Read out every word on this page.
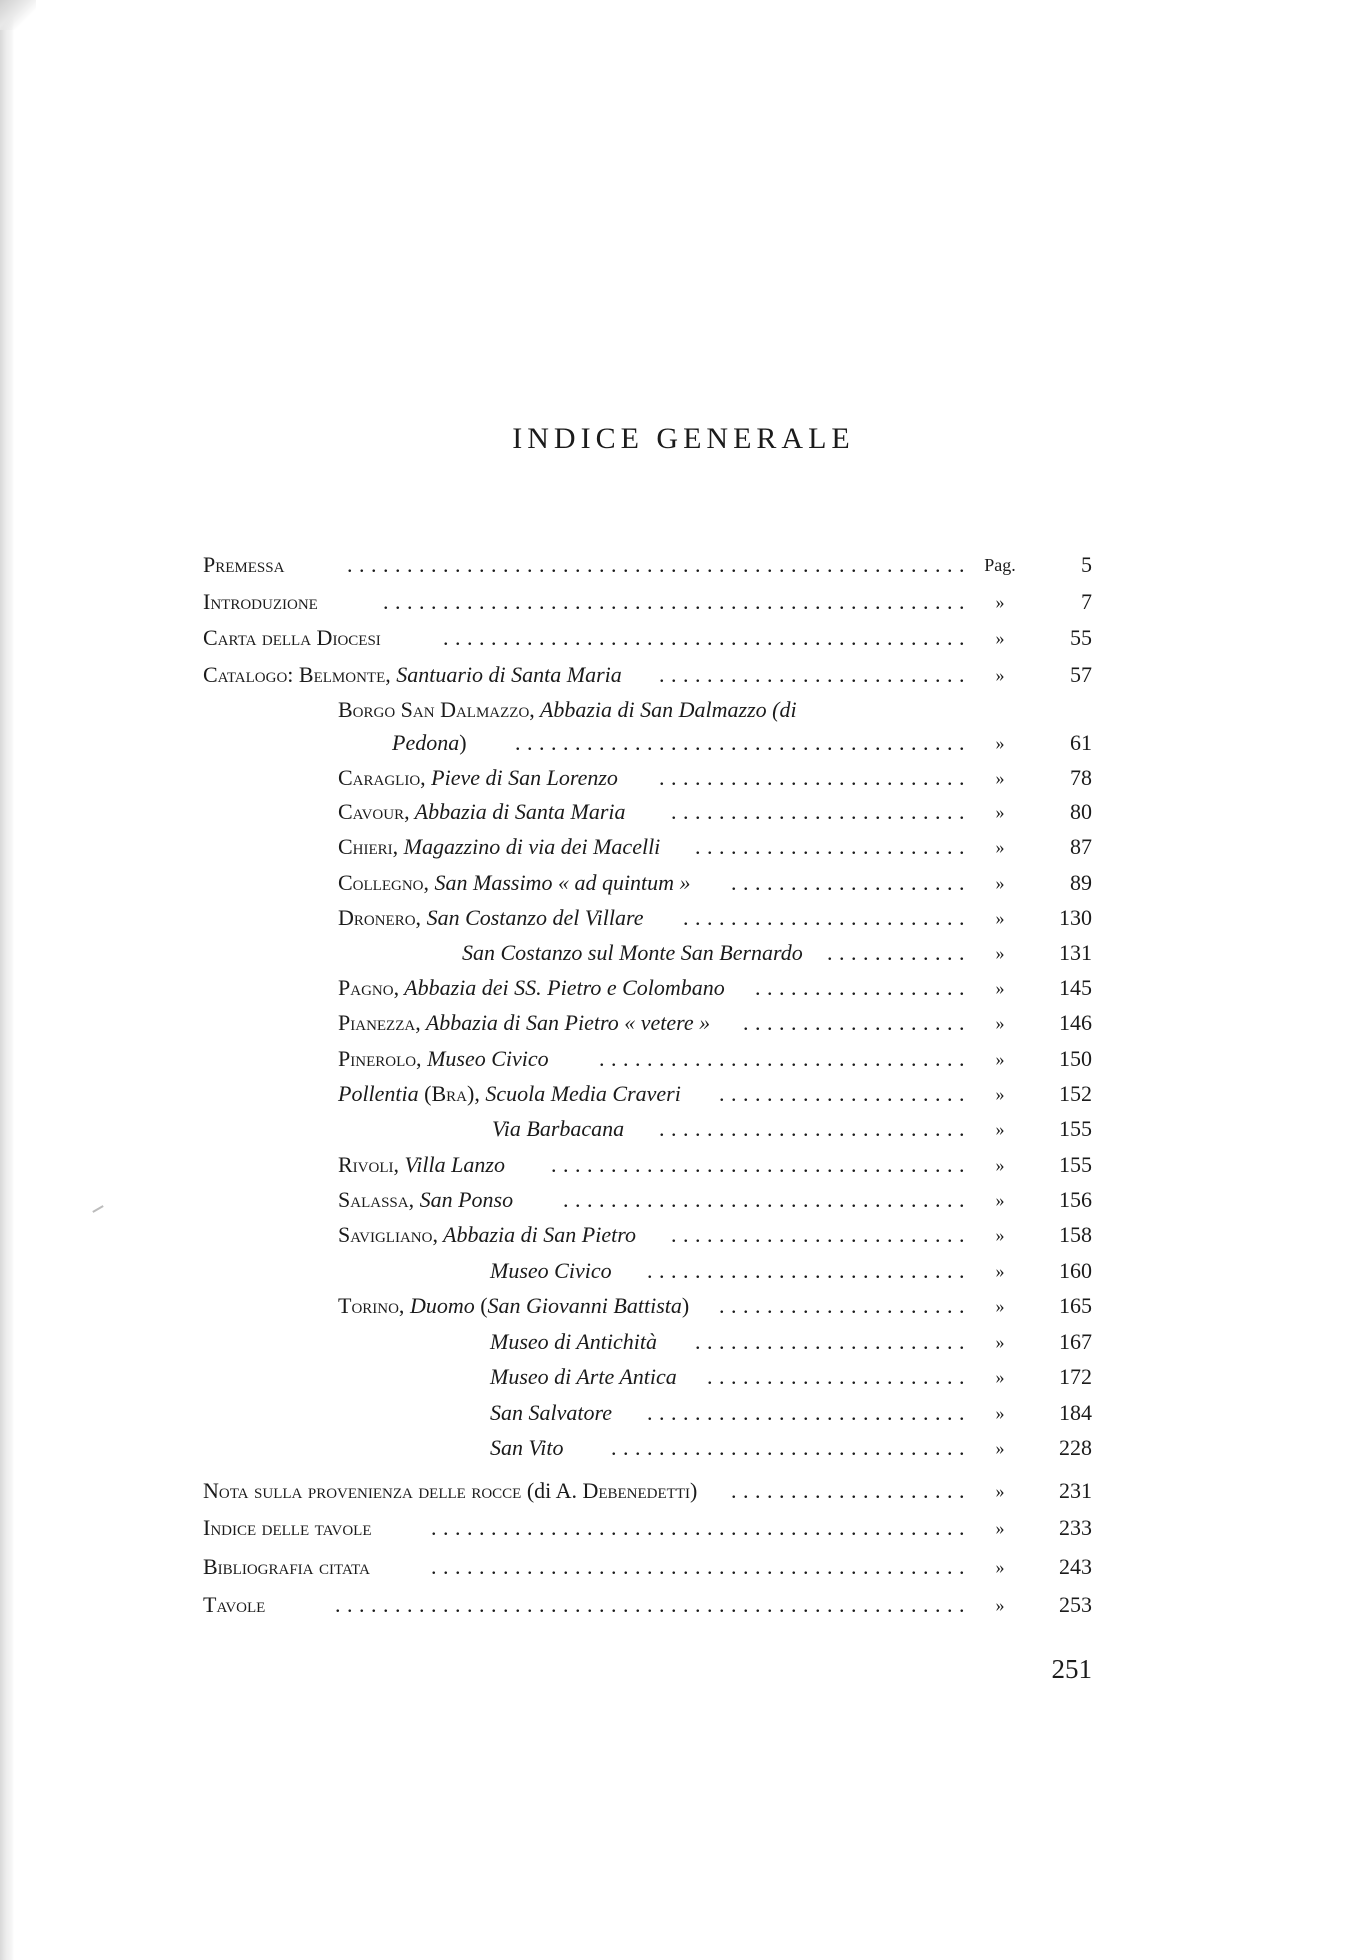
INDICE GENERALE
Premessa	.................................................... Pag.	5
Introduzione	.................................................	»	7
Carta della Diocesi	............................................	»	55
Catalogo: Belmonte, Santuario di Santa Maria	..........................	»	57
Borgo San Dalmazzo, Abbazia di San Dalmazzo (di
Pedona)	......................................	»	61
Caraglio, Pieve di San Lorenzo	..........................	»	78
Cavour, Abbazia di Santa Maria	.........................	»	80
Chieri, Magazzino di via dei Macelli	.......................	»	87
Collegno, San Massimo « ad quintum »	....................	»	89
Dronero, San Costanzo del Villare	........................	»	130
San Costanzo sul Monte San Bernardo	............	»	131
Pagno, Abbazia dei SS. Pietro e Colombano	..................	»	145
Pianezza, Abbazia di San Pietro « vetere »	...................	»	146
Pinerolo, Museo Civico	...............................	»	150
Pollentia (Bra), Scuola Media Craveri	.....................	»	152
Via Barbacana	..........................	»	155
Rivoli, Villa Lanzo	...................................	»	155
Salassa, San Ponso	..................................	»	156
Savigliano, Abbazia di San Pietro	.........................	»	158
Museo Civico	...........................	»	160
Torino, Duomo (San Giovanni Battista)	.....................	»	165
Museo di Antichità	.......................	»	167
Museo di Arte Antica	......................	»	172
San Salvatore	...........................	»	184
San Vito	..............................	»	228
Nota sulla provenienza delle rocce (di A. Debenedetti)	....................	»	231
Indice delle tavole	.............................................	»	233
Bibliografia citata	.............................................	»	243
Tavole	.....................................................	»	253
251
